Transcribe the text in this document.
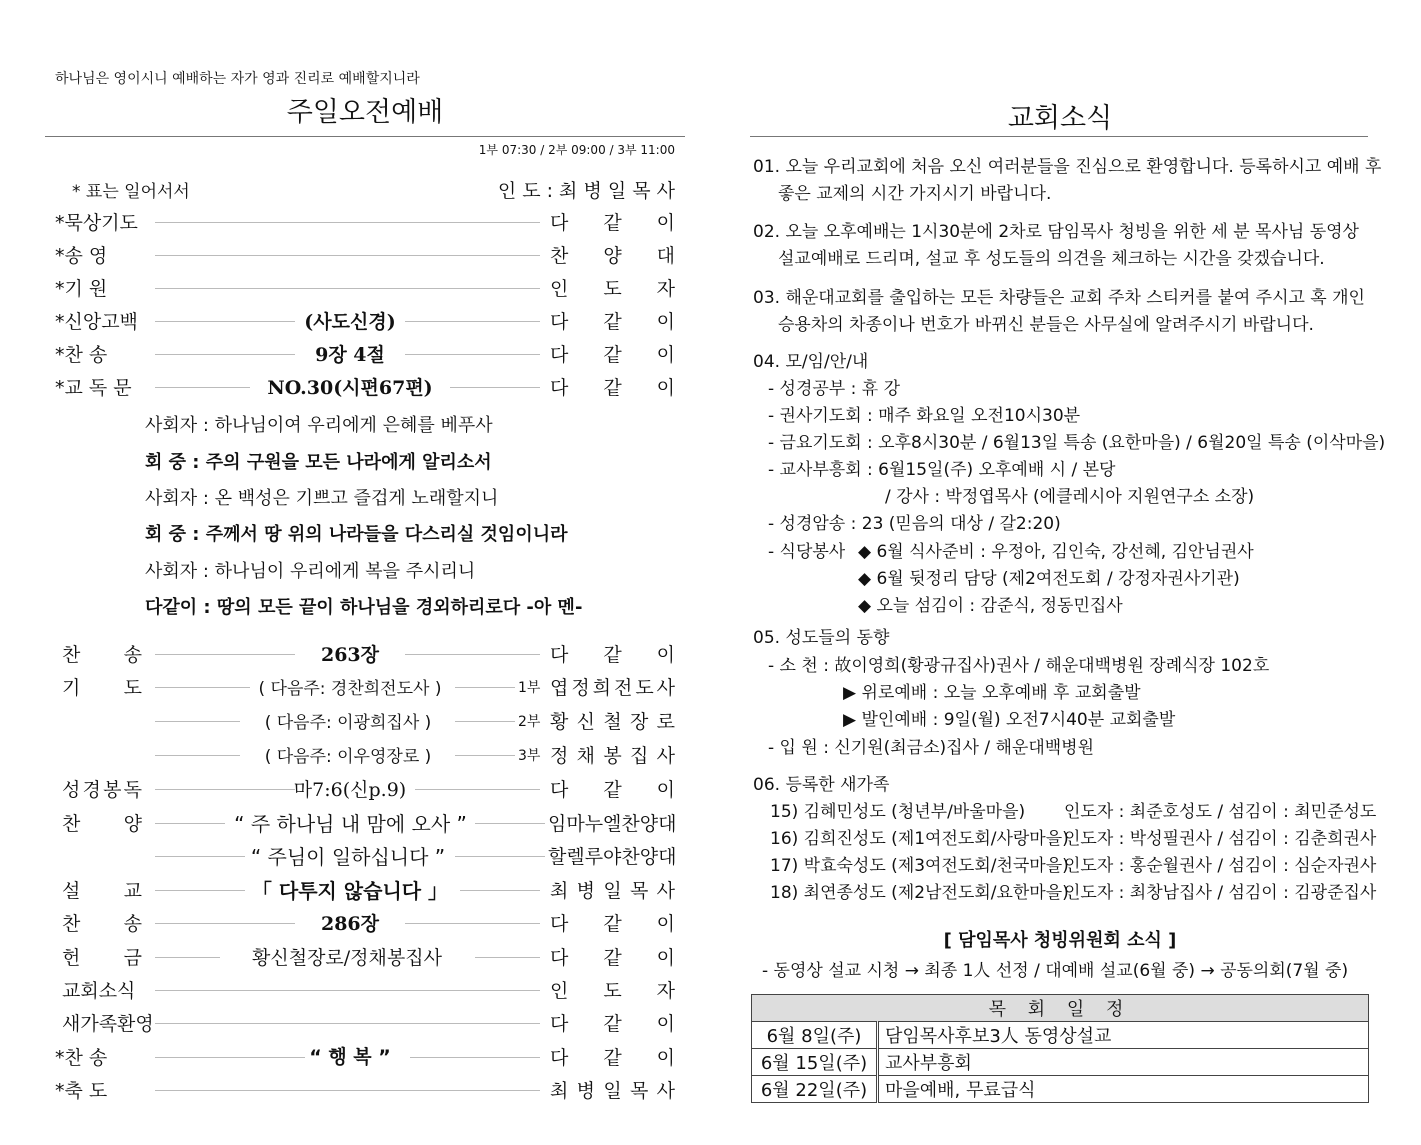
하나님은 영이시니 예배하는 자가 영과 진리로 예배할지니라
주일오전예배
1부 07:30 / 2부 09:00 / 3부 11:00
* 표는 일어서서	인 도 : 최 병 일 목 사
*묵상기도	다 같 이
*송 영	찬 양 대
*기 원	인 도 자
*신앙고백	(사도신경)	다 같 이
*찬 송	9장 4절	다 같 이
*교 독 문	NO.30(시편67편)	다 같 이
사회자 : 하나님이여 우리에게 은혜를 베푸사
회 중 : 주의 구원을 모든 나라에게 알리소서
사회자 : 온 백성은 기쁘고 즐겁게 노래할지니
회 중 : 주께서 땅 위의 나라들을 다스리실 것임이니라
사회자 : 하나님이 우리에게 복을 주시리니
다같이 : 땅의 모든 끝이 하나님을 경외하리로다 -아 멘-
찬 송	263장	다 같 이
기 도	( 다음주: 경찬희전도사 )	1부 엽 정 희 전 도 사
( 다음주: 이광희집사 )	2부 황 신 철 장 로
( 다음주: 이우영장로 )	3부 정 채 봉 집 사
성 경 봉 독	마7:6(신p.9)	다 같 이
찬 양	“ 주 하나님 내 맘에 오사 ”	임마누엘찬양대
“ 주님이 일하십니다 ”	할렐루야찬양대
설 교	「 다투지 않습니다 」	최 병 일 목 사
찬 송	286장	다 같 이
헌 금	황신철장로/정채봉집사	다 같 이
교회소식	인 도 자
새가족환영	다 같 이
*찬 송	“ 행 복 ”	다 같 이
*축 도	최 병 일 목 사
교회소식
01. 오늘 우리교회에 처음 오신 여러분들을 진심으로 환영합니다. 등록하시고 예배 후
좋은 교제의 시간 가지시기 바랍니다.
02. 오늘 오후예배는 1시30분에 2차로 담임목사 청빙을 위한 세 분 목사님 동영상
설교예배로 드리며, 설교 후 성도들의 의견을 체크하는 시간을 갖겠습니다.
03. 해운대교회를 출입하는 모든 차량들은 교회 주차 스티커를 붙여 주시고 혹 개인
승용차의 차종이나 번호가 바뀌신 분들은 사무실에 알려주시기 바랍니다.
04. 모/임/안/내
- 성경공부 : 휴 강
- 권사기도회 : 매주 화요일 오전10시30분
- 금요기도회 : 오후8시30분 / 6월13일 특송 (요한마을) / 6월20일 특송 (이삭마을)
- 교사부흥회 : 6월15일(주) 오후예배 시 / 본당
/ 강사 : 박정엽목사 (에클레시아 지원연구소 소장)
- 성경암송 : 23 (믿음의 대상 / 갈2:20)
- 식당봉사 ◆ 6월 식사준비 : 우정아, 김인숙, 강선혜, 김안님권사
◆ 6월 뒷정리 담당 (제2여전도회 / 강정자권사기관)
◆ 오늘 섬김이 : 감준식, 정동민집사
05. 성도들의 동향
- 소 천 : 故이영희(황광규집사)권사 / 해운대백병원 장례식장 102호
▶ 위로예배 : 오늘 오후예배 후 교회출발
▶ 발인예배 : 9일(월) 오전7시40분 교회출발
- 입 원 : 신기원(최금소)집사 / 해운대백병원
06. 등록한 새가족
15) 김혜민성도 (청년부/바울마을) 인도자 : 최준호성도 / 섬김이 : 최민준성도
16) 김희진성도 (제1여전도회/사랑마을)
인도자 : 박성필권사 / 섬김이 : 김춘희권사
17) 박효숙성도 (제3여전도회/천국마을)
인도자 : 홍순월권사 / 섬김이 : 심순자권사
18) 최연종성도 (제2남전도회/요한마을)
인도자 : 최창남집사 / 섬김이 : 김광준집사
[ 담임목사 청빙위원회 소식 ]
- 동영상 설교 시청 → 최종 1人 선정 / 대예배 설교(6월 중) → 공동의회(7월 중)
목 회 일 정	
6월 8일(주)	담임목사후보3人 동영상설교
6월 15일(주)	교사부흥회
6월 22일(주)	마을예배, 무료급식
